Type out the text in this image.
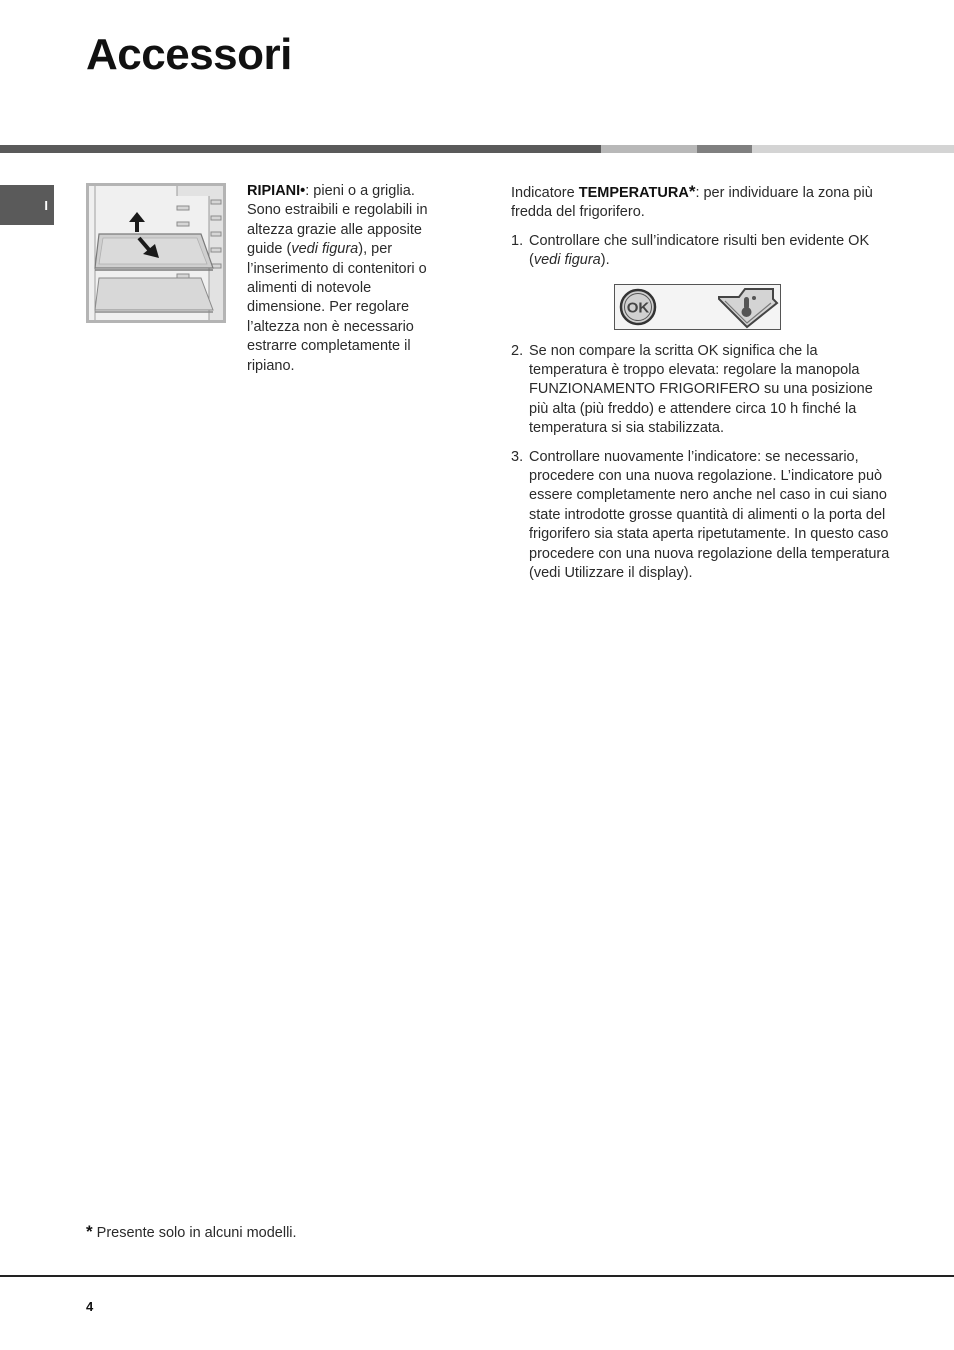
Accessori
I

RIPIANI•: pieni o a griglia. Sono estraibili e regolabili in altezza grazie alle apposite guide (vedi figura), per l’inserimento di contenitori o alimenti di notevole dimensione. Per regolare l’altezza non è necessario estrarre completamente il ripiano.

Indicatore TEMPERATURA*: per individuare la zona più fredda del frigorifero.

1. Controllare che sull’indicatore risulti ben evidente OK (vedi figura).
2. Se non compare la scritta OK significa che la temperatura è troppo elevata: regolare la manopola FUNZIONAMENTO FRIGORIFERO su una posizione più alta (più freddo) e attendere circa 10 h finché la temperatura si sia stabilizzata.
3. Controllare nuovamente l’indicatore: se necessario, procedere con una nuova regolazione. L’indicatore può essere completamente nero anche nel caso in cui siano state introdotte grosse quantità di alimenti o la porta del frigorifero sia stata aperta ripetutamente. In questo caso procedere con una nuova regolazione della temperatura (vedi Utilizzare il display).
OK
* Presente solo in alcuni modelli.
4
